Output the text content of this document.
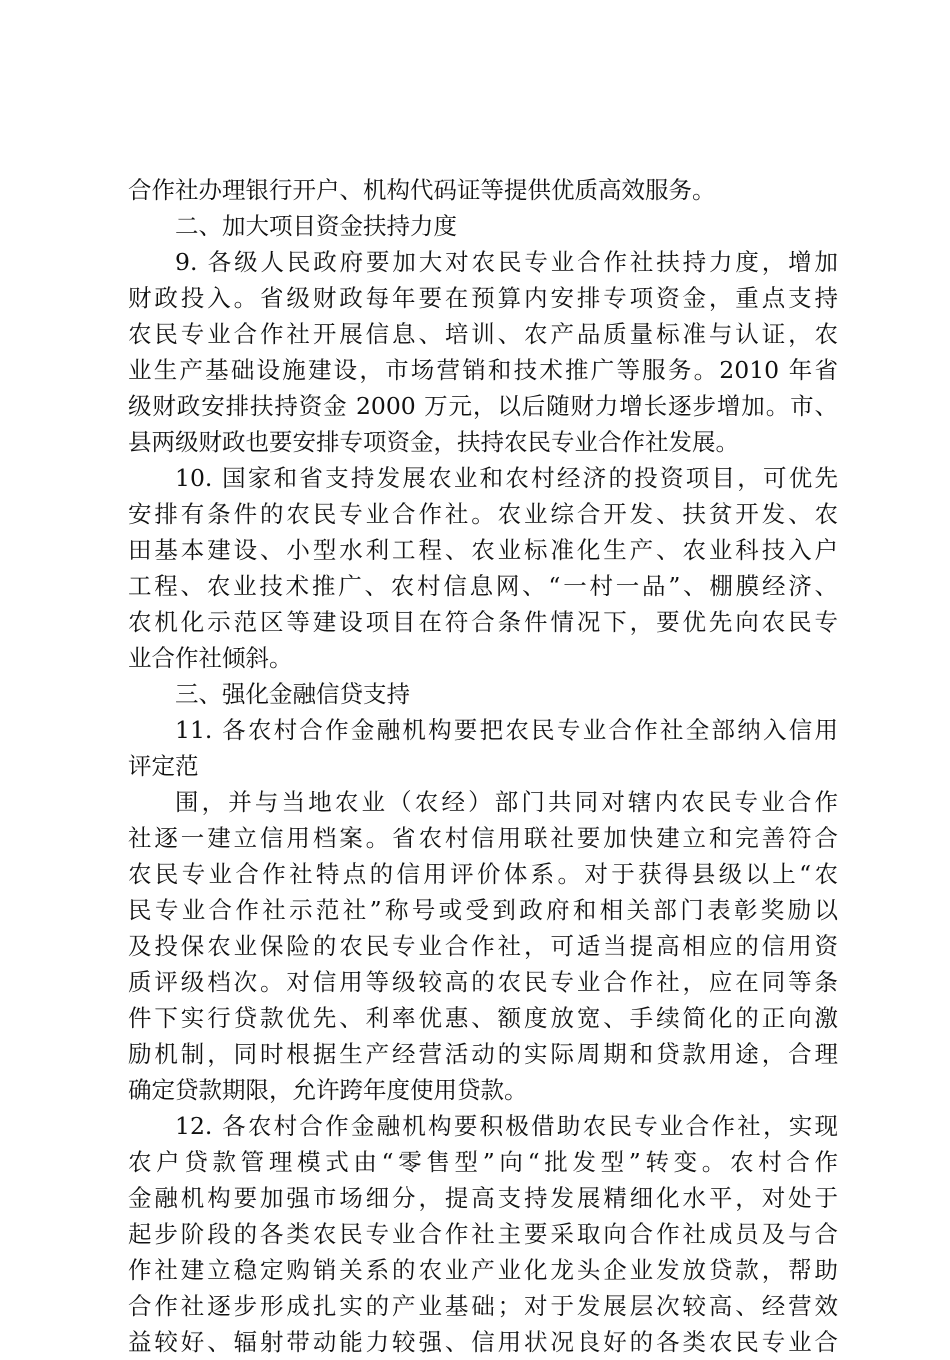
合作社办理银行开户、机构代码证等提供优质高效服务。
二、加大项目资金扶持力度
9. 各级人民政府要加大对农民专业合作社扶持力度，增加
财政投入。省级财政每年要在预算内安排专项资金，重点支持
农民专业合作社开展信息、培训、农产品质量标准与认证，农
业生产基础设施建设，市场营销和技术推广等服务。2010 年省
级财政安排扶持资金 2000 万元，以后随财力增长逐步增加。市、
县两级财政也要安排专项资金，扶持农民专业合作社发展。
10. 国家和省支持发展农业和农村经济的投资项目，可优先
安排有条件的农民专业合作社。农业综合开发、扶贫开发、农
田基本建设、小型水利工程、农业标准化生产、农业科技入户
工程、农业技术推广、农村信息网、“一村一品”、棚膜经济、
农机化示范区等建设项目在符合条件情况下，要优先向农民专
业合作社倾斜。
三、强化金融信贷支持
11. 各农村合作金融机构要把农民专业合作社全部纳入信用
评定范
围，并与当地农业（农经）部门共同对辖内农民专业合作
社逐一建立信用档案。省农村信用联社要加快建立和完善符合
农民专业合作社特点的信用评价体系。对于获得县级以上“农
民专业合作社示范社”称号或受到政府和相关部门表彰奖励以
及投保农业保险的农民专业合作社，可适当提高相应的信用资
质评级档次。对信用等级较高的农民专业合作社，应在同等条
件下实行贷款优先、利率优惠、额度放宽、手续简化的正向激
励机制，同时根据生产经营活动的实际周期和贷款用途，合理
确定贷款期限，允许跨年度使用贷款。
12. 各农村合作金融机构要积极借助农民专业合作社，实现
农户贷款管理模式由“零售型”向“批发型”转变。农村合作
金融机构要加强市场细分，提高支持发展精细化水平，对处于
起步阶段的各类农民专业合作社主要采取向合作社成员及与合
作社建立稳定购销关系的农业产业化龙头企业发放贷款，帮助
合作社逐步形成扎实的产业基础；对于发展层次较高、经营效
益较好、辐射带动能力较强、信用状况良好的各类农民专业合
